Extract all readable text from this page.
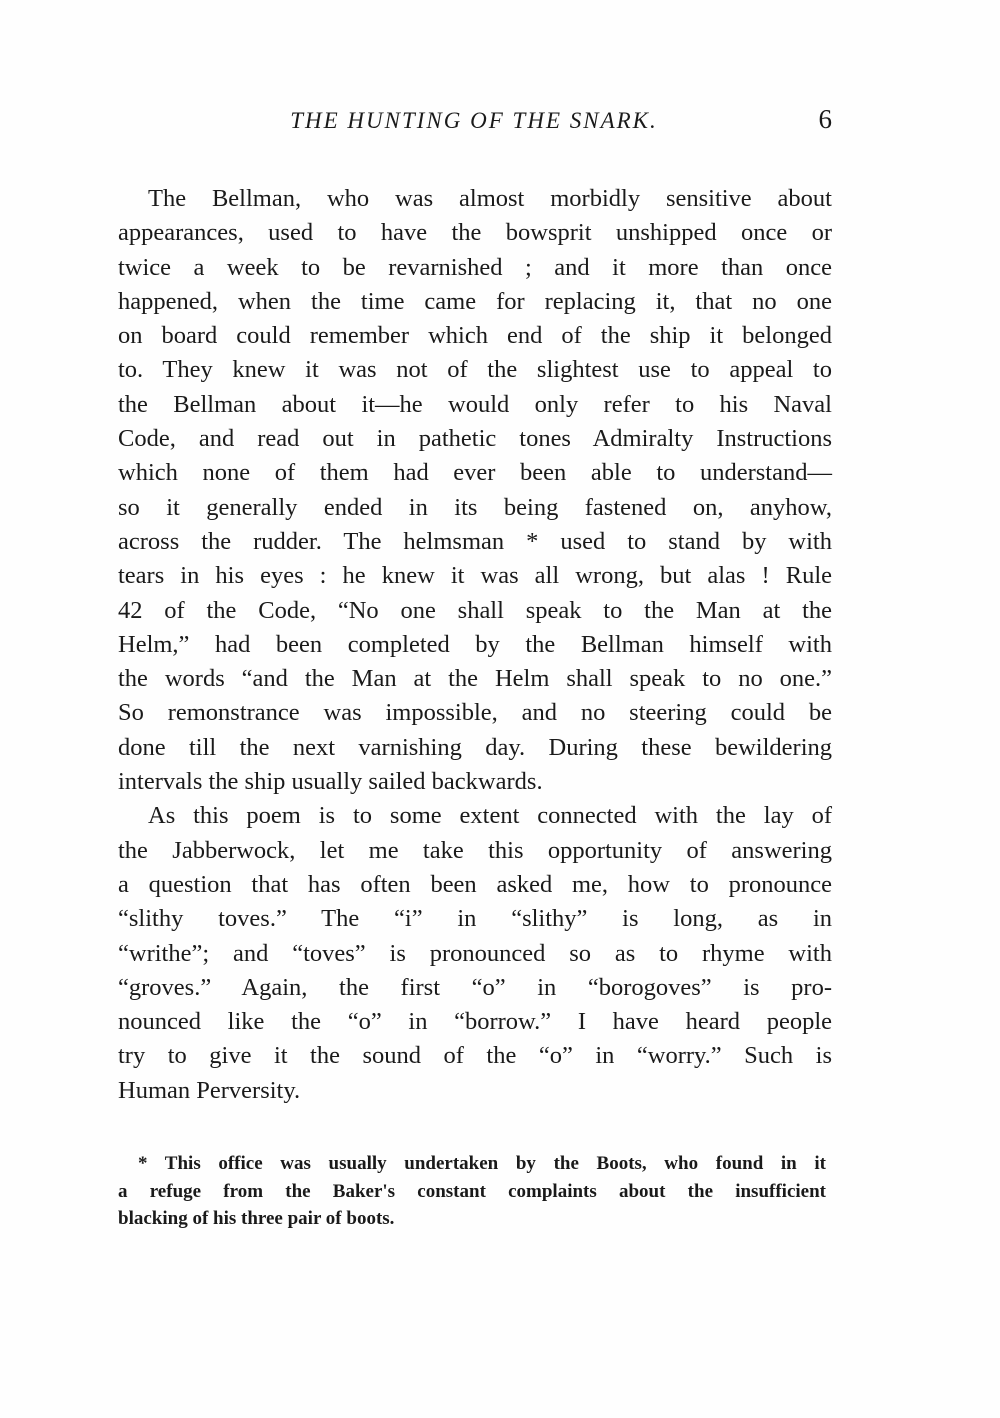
THE HUNTING OF THE SNARK.	6
The Bellman, who was almost morbidly sensitive about
appearances, used to have the bowsprit unshipped once or
twice a week to be revarnished ; and it more than once
happened, when the time came for replacing it, that no one
on board could remember which end of the ship it belonged
to. They knew it was not of the slightest use to appeal to
the Bellman about it—he would only refer to his Naval
Code, and read out in pathetic tones Admiralty Instructions
which none of them had ever been able to understand—
so it generally ended in its being fastened on, anyhow,
across the rudder. The helmsman * used to stand by with
tears in his eyes : he knew it was all wrong, but alas ! Rule
42 of the Code, “No one shall speak to the Man at the
Helm,” had been completed by the Bellman himself with
the words “and the Man at the Helm shall speak to no one.”
So remonstrance was impossible, and no steering could be
done till the next varnishing day. During these bewildering
intervals the ship usually sailed backwards.
As this poem is to some extent connected with the lay of
the Jabberwock, let me take this opportunity of answering
a question that has often been asked me, how to pronounce
“slithy toves.” The “i” in “slithy” is long, as in
“writhe”; and “toves” is pronounced so as to rhyme with
“groves.” Again, the first “o” in “borogoves” is pro-
nounced like the “o” in “borrow.” I have heard people
try to give it the sound of the “o” in “worry.” Such is
Human Perversity.
* This office was usually undertaken by the Boots, who found in it
a refuge from the Baker's constant complaints about the insufficient
blacking of his three pair of boots.
